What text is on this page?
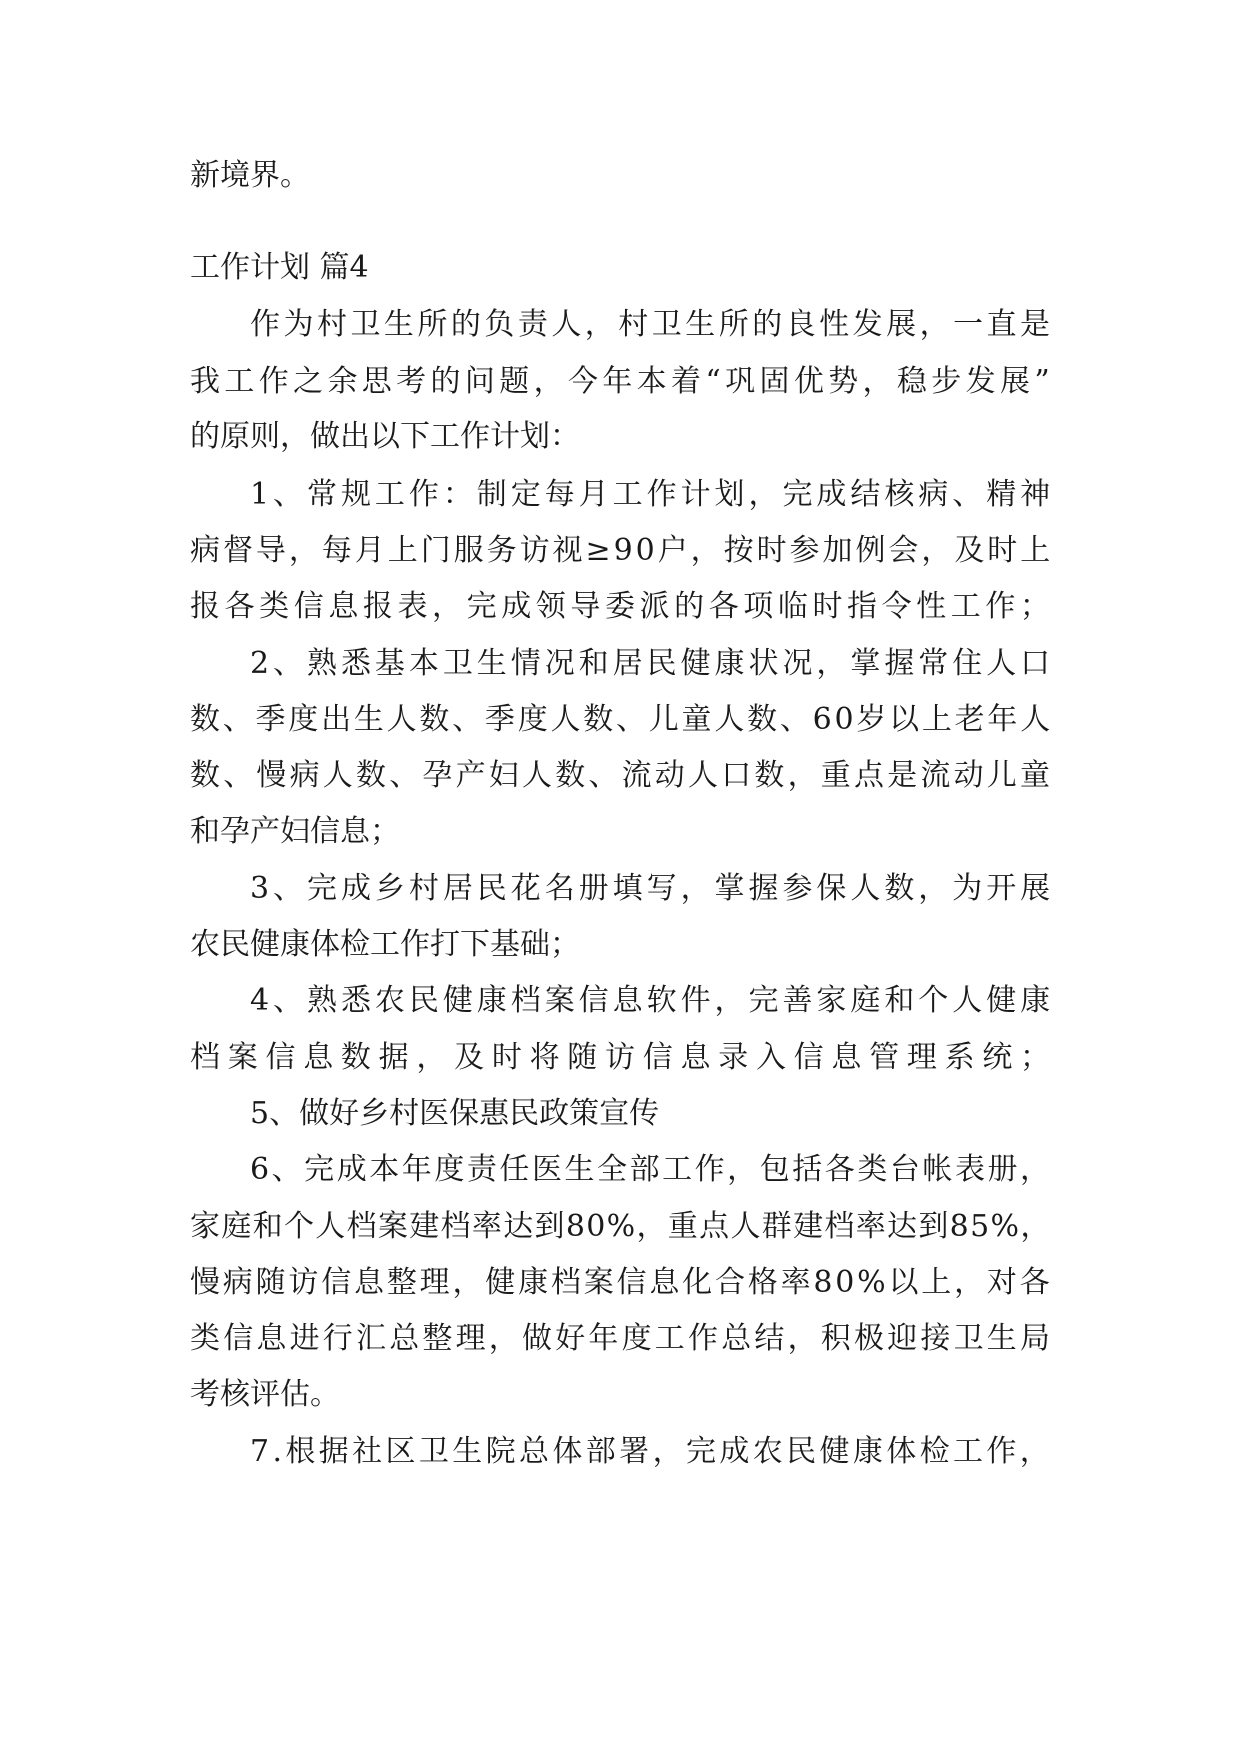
新境界。
工作计划 篇4
作为村卫生所的负责人，村卫生所的良性发展，一直是
我工作之余思考的问题，今年本着“巩固优势，稳步发展”
的原则，做出以下工作计划：
1、常规工作：制定每月工作计划，完成结核病、精神
病督导，每月上门服务访视≥90户，按时参加例会，及时上
报各类信息报表，完成领导委派的各项临时指令性工作；
2、熟悉基本卫生情况和居民健康状况，掌握常住人口
数、季度出生人数、季度人数、儿童人数、60岁以上老年人
数、慢病人数、孕产妇人数、流动人口数，重点是流动儿童
和孕产妇信息；
3、完成乡村居民花名册填写，掌握参保人数，为开展
农民健康体检工作打下基础；
4、熟悉农民健康档案信息软件，完善家庭和个人健康
档案信息数据，及时将随访信息录入信息管理系统；
5、做好乡村医保惠民政策宣传
6、完成本年度责任医生全部工作，包括各类台帐表册，
家庭和个人档案建档率达到80%，重点人群建档率达到85%，
慢病随访信息整理，健康档案信息化合格率80%以上，对各
类信息进行汇总整理，做好年度工作总结，积极迎接卫生局
考核评估。
7.根据社区卫生院总体部署，完成农民健康体检工作，
